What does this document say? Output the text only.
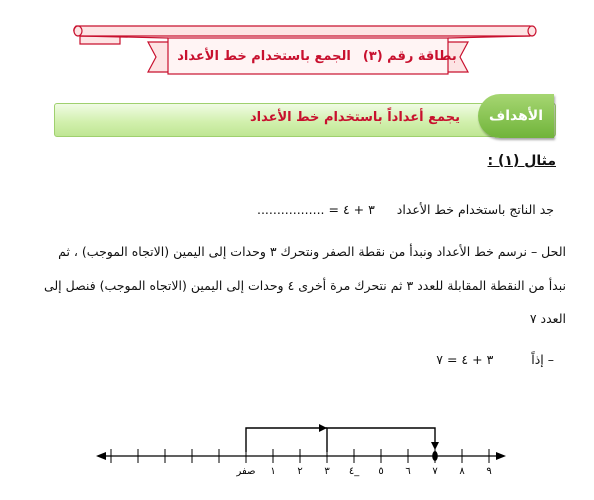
بطاقة رقم (٣)
الجمع باستخدام خط الأعداد
الأهداف
يجمع أعداداً باستخدام خط الأعداد
مثال (١) :
جد الناتج باستخدام خط الأعداد  ٣ + ٤ = .................
الحل – نرسم خط الأعداد ونبدأ من نقطة الصفر ونتحرك ٣ وحدات إلى اليمين (الاتجاه الموجب) ، ثم
نبدأ من النقطة المقابلة للعدد ٣ ثم نتحرك مرة أخرى ٤ وحدات إلى اليمين (الاتجاه الموجب) فنصل إلى
العدد ٧
– إذاً  ٣ + ٤ = ٧
صفر ١ ٢ ٣ ٤_ ٥ ٦ ٧ ٨ ٩
